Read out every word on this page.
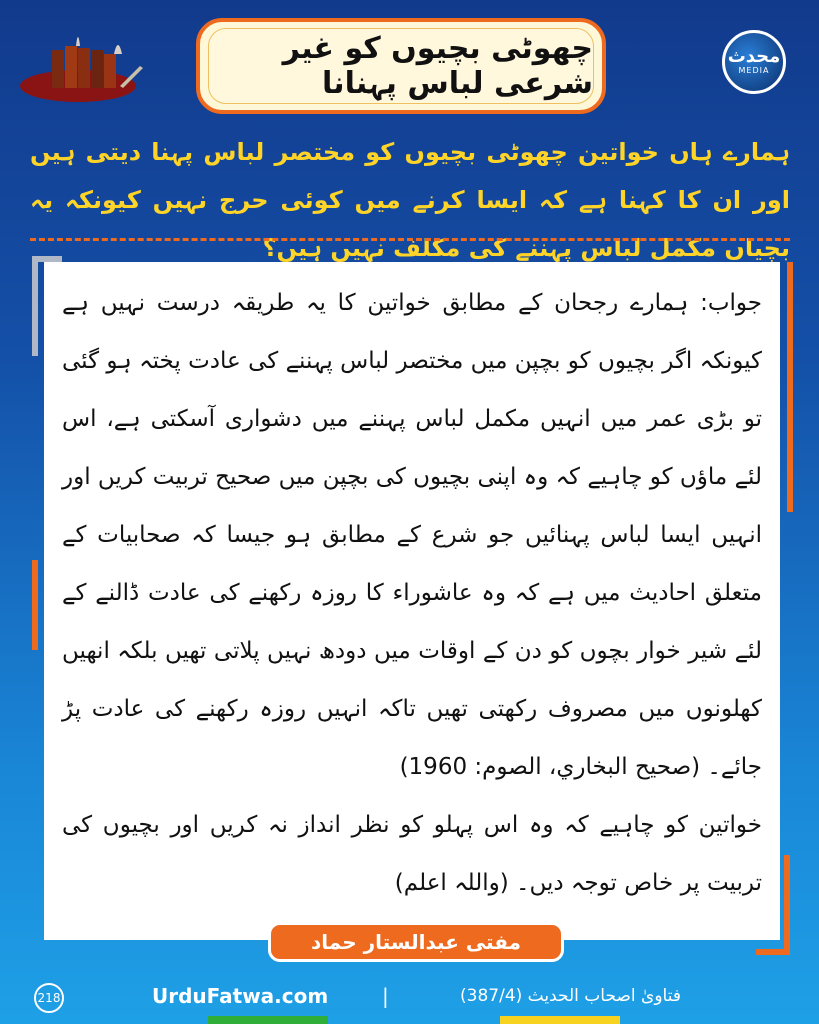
چھوٹی بچیوں کو غیر شرعی لباس پہنانا
محدث
MEDIA
ہمارے ہاں خواتین چھوٹی بچیوں کو مختصر لباس پہنا دیتی ہیں اور ان کا کہنا ہے کہ ایسا کرنے میں کوئی حرج نہیں کیونکہ یہ بچیاں مکمل لباس پہننے کی مکلف نہیں ہیں؟
جواب: ہمارے رجحان کے مطابق خواتین کا یہ طریقہ درست نہیں ہے کیونکہ اگر بچیوں کو بچپن میں مختصر لباس پہننے کی عادت پختہ ہو گئی تو بڑی عمر میں انہیں مکمل لباس پہننے میں دشواری آسکتی ہے، اس لئے ماؤں کو چاہیے کہ وہ اپنی بچیوں کی بچپن میں صحیح تربیت کریں اور انہیں ایسا لباس پہنائیں جو شرع کے مطابق ہو جیسا کہ صحابیات کے متعلق احادیث میں ہے کہ وہ عاشوراء کا روزہ رکھنے کی عادت ڈالنے کے لئے شیر خوار بچوں کو دن کے اوقات میں دودھ نہیں پلاتی تھیں بلکہ انھیں کھلونوں میں مصروف رکھتی تھیں تاکہ انہیں روزہ رکھنے کی عادت پڑ جائے۔ (صحيح البخاري، الصوم: 1960)
خواتین کو چاہیے کہ وہ اس پہلو کو نظر انداز نہ کریں اور بچیوں کی تربیت پر خاص توجہ دیں۔ (واللہ اعلم)
مفتی عبدالستار حماد
218	UrduFatwa.com	|	فتاویٰ اصحاب الحدیث (387/4)
